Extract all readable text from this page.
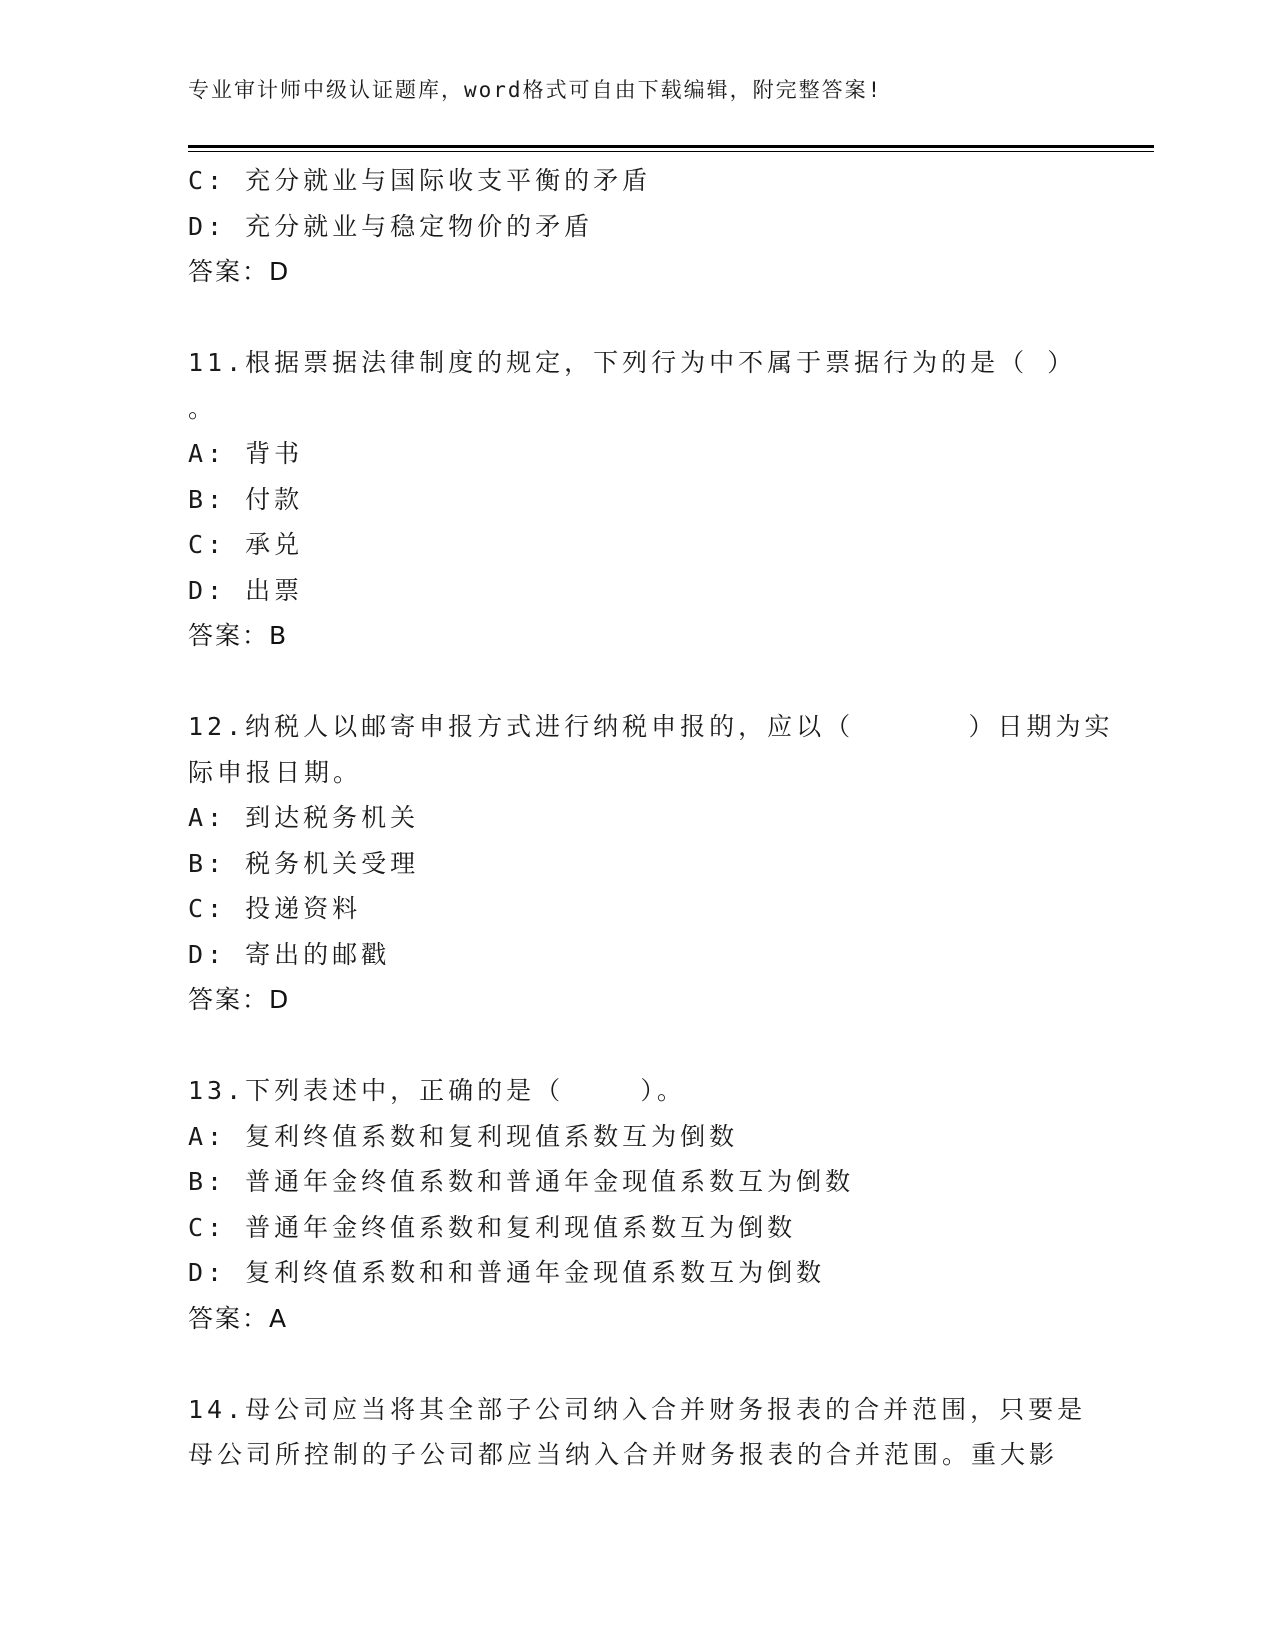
专业审计师中级认证题库，word格式可自由下载编辑，附完整答案!
C: 充分就业与国际收支平衡的矛盾
D: 充分就业与稳定物价的矛盾
答案：D
11.根据票据法律制度的规定，下列行为中不属于票据行为的是（ ）
。
A: 背书
B: 付款
C: 承兑
D: 出票
答案：B
12.纳税人以邮寄申报方式进行纳税申报的，应以（      ）日期为实
际申报日期。
A: 到达税务机关
B: 税务机关受理
C: 投递资料
D: 寄出的邮戳
答案：D
13.下列表述中，正确的是（    ）。
A: 复利终值系数和复利现值系数互为倒数
B: 普通年金终值系数和普通年金现值系数互为倒数
C: 普通年金终值系数和复利现值系数互为倒数
D: 复利终值系数和和普通年金现值系数互为倒数
答案：A
14.母公司应当将其全部子公司纳入合并财务报表的合并范围，只要是
母公司所控制的子公司都应当纳入合并财务报表的合并范围。重大影
